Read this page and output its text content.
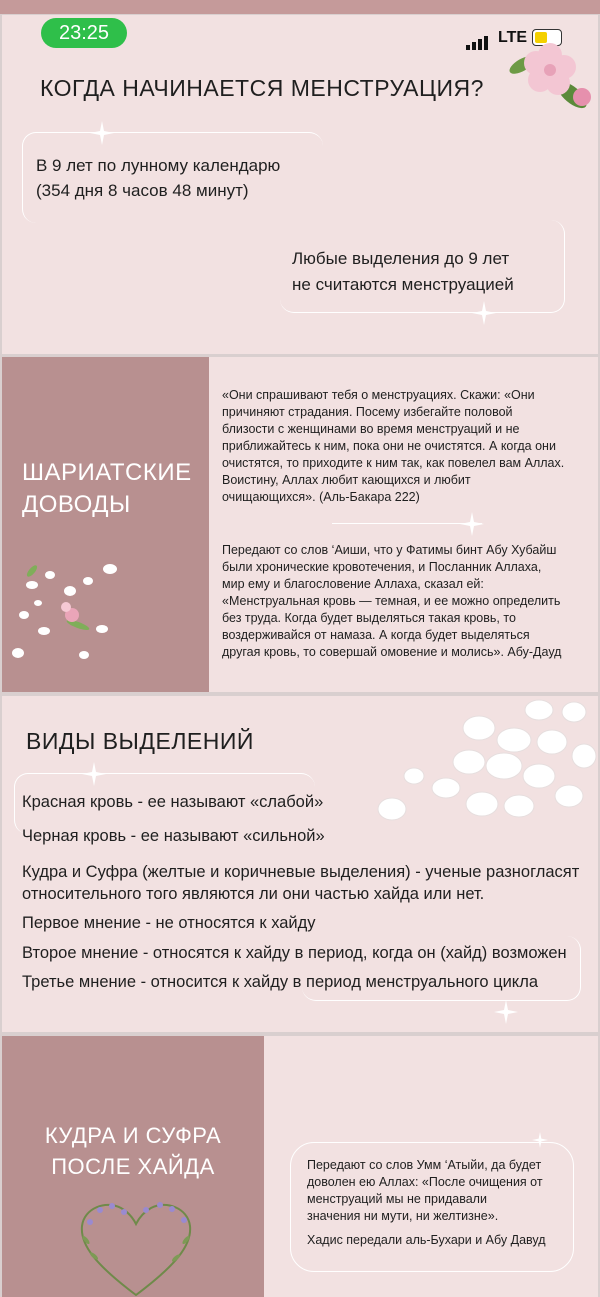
23:25	LTE
КОГДА НАЧИНАЕТСЯ МЕНСТРУАЦИЯ?
В 9 лет по лунному календарю
(354 дня 8 часов 48 минут)
Любые выделения до 9 лет
не считаются менструацией
ШАРИАТСКИЕ
ДОВОДЫ
«Они спрашивают тебя о менструациях. Скажи: «Они
причиняют страдания. Посему избегайте половой
близости с женщинами во время менструаций и не
приближайтесь к ним, пока они не очистятся. А когда они
очистятся, то приходите к ним так, как повелел вам Аллах.
Воистину, Аллах любит кающихся и любит
очищающихся». (Аль-Бакара 222)
Передают со слов ‘Аиши, что у Фатимы бинт Абу Хубайш
были хронические кровотечения, и Посланник Аллаха,
мир ему и благословение Аллаха, сказал ей:
«Менструальная кровь — темная, и ее можно определить
без труда. Когда будет выделяться такая кровь, то
воздерживайся от намаза. А когда будет выделяться
другая кровь, то совершай омовение и молись». Абу-Дауд
ВИДЫ ВЫДЕЛЕНИЙ
Красная кровь - ее называют «слабой»
Черная кровь - ее называют «сильной»
Кудра и Суфра (желтые и коричневые выделения) - ученые разногласят
относительного того являются ли они частью хайда или нет.
Первое мнение - не относятся к хайду
Второе мнение - относятся к хайду в период, когда он (хайд) возможен
Третье мнение - относится к хайду в период менструального цикла
КУДРА И СУФРА
ПОСЛЕ ХАЙДА	Передают со слов Умм ‘Атыйи, да будет
доволен ею Аллах: «После очищения от
менструаций мы не придавали
значения ни мути, ни желтизне».
Хадис передали аль-Бухари и Абу Давуд
